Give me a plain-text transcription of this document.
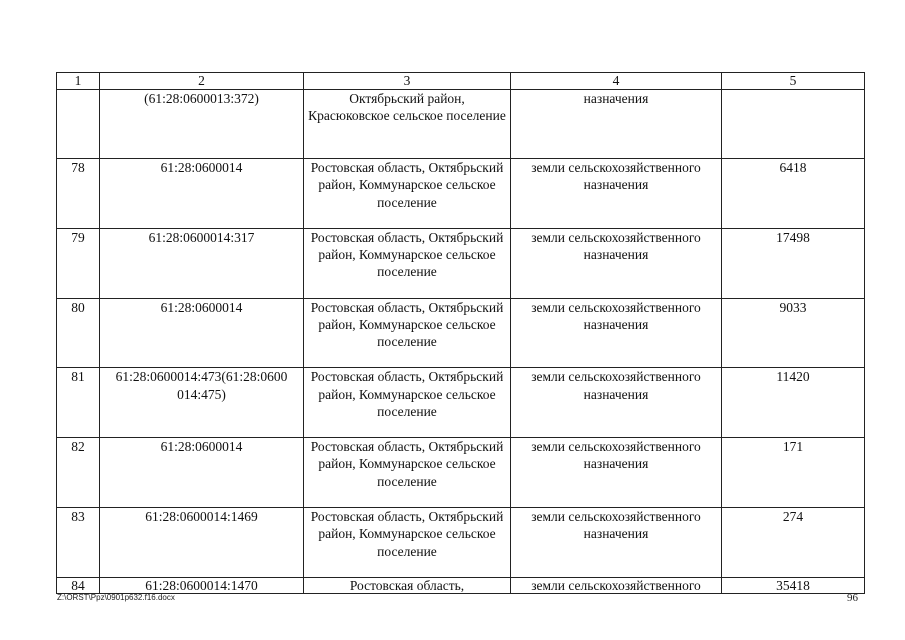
1	2	3	4	5
	(61:28:0600013:372)	Октябрьский район, Красюковское сельское поселение	назначения	
78	61:28:0600014	Ростовская область, Октябрьский район, Коммунарское сельское поселение	земли сельскохозяйственного назначения	6418
79	61:28:0600014:317	Ростовская область, Октябрьский район, Коммунарское сельское поселение	земли сельскохозяйственного назначения	17498
80	61:28:0600014	Ростовская область, Октябрьский район, Коммунарское сельское поселение	земли сельскохозяйственного назначения	9033
81	61:28:0600014:473(61:28:0600 014:475)	Ростовская область, Октябрьский район, Коммунарское сельское поселение	земли сельскохозяйственного назначения	11420
82	61:28:0600014	Ростовская область, Октябрьский район, Коммунарское сельское поселение	земли сельскохозяйственного назначения	171
83	61:28:0600014:1469	Ростовская область, Октябрьский район, Коммунарское сельское поселение	земли сельскохозяйственного назначения	274
84	61:28:0600014:1470	Ростовская область,	земли сельскохозяйственного	35418
Z:\ORST\Ppz\0901p632.f16.docx	96
